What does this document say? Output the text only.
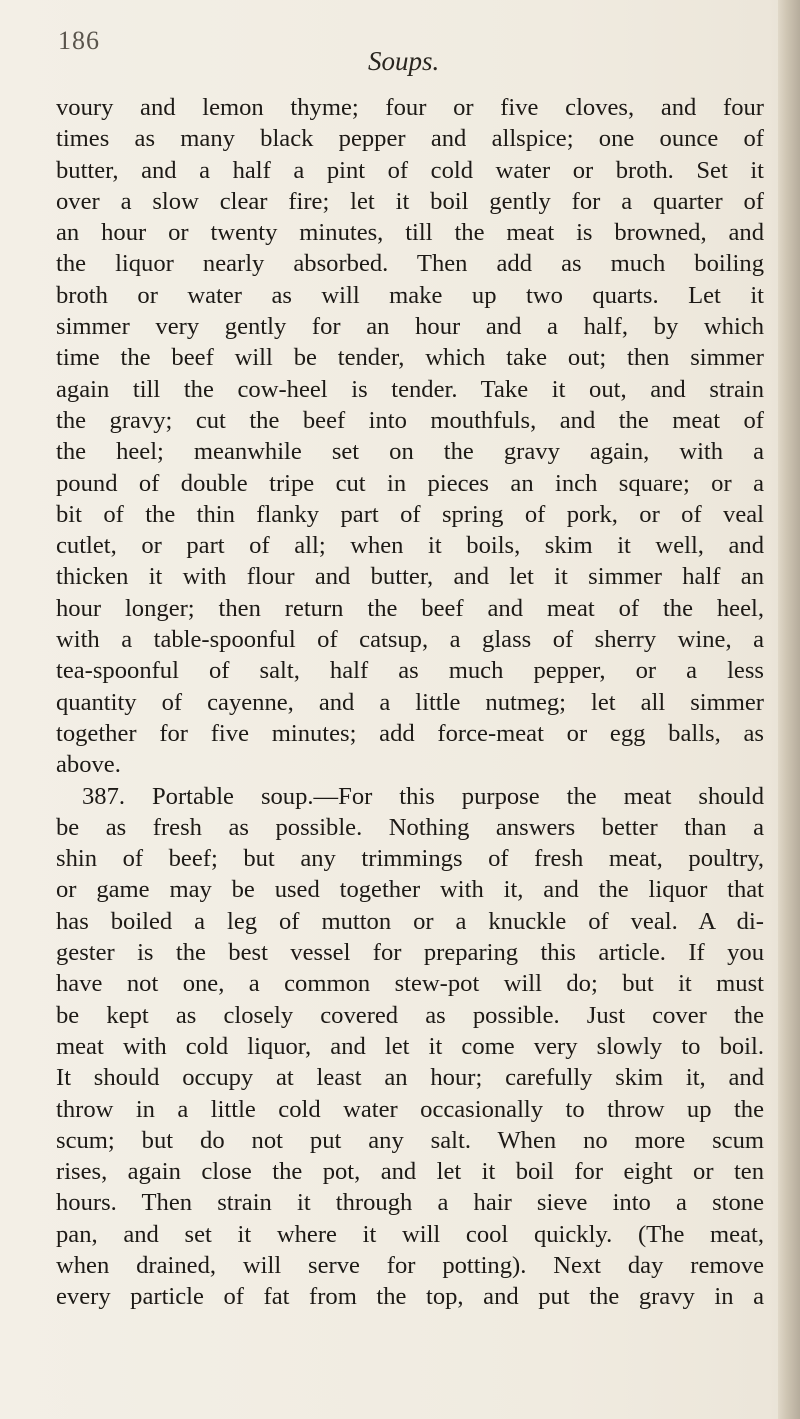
186
Soups.
voury and lemon thyme; four or five cloves, and four
times as many black pepper and allspice; one ounce of
butter, and a half a pint of cold water or broth. Set it
over a slow clear fire; let it boil gently for a quarter of
an hour or twenty minutes, till the meat is browned, and
the liquor nearly absorbed. Then add as much boiling
broth or water as will make up two quarts. Let it
simmer very gently for an hour and a half, by which
time the beef will be tender, which take out; then simmer
again till the cow-heel is tender. Take it out, and strain
the gravy; cut the beef into mouthfuls, and the meat of
the heel; meanwhile set on the gravy again, with a
pound of double tripe cut in pieces an inch square; or a
bit of the thin flanky part of spring of pork, or of veal
cutlet, or part of all; when it boils, skim it well, and
thicken it with flour and butter, and let it simmer half an
hour longer; then return the beef and meat of the heel,
with a table-spoonful of catsup, a glass of sherry wine, a
tea-spoonful of salt, half as much pepper, or a less
quantity of cayenne, and a little nutmeg; let all simmer
together for five minutes; add force-meat or egg balls, as
above.
387. Portable soup.—For this purpose the meat should
be as fresh as possible. Nothing answers better than a
shin of beef; but any trimmings of fresh meat, poultry,
or game may be used together with it, and the liquor that
has boiled a leg of mutton or a knuckle of veal. A di-
gester is the best vessel for preparing this article. If you
have not one, a common stew-pot will do; but it must
be kept as closely covered as possible. Just cover the
meat with cold liquor, and let it come very slowly to boil.
It should occupy at least an hour; carefully skim it, and
throw in a little cold water occasionally to throw up the
scum; but do not put any salt. When no more scum
rises, again close the pot, and let it boil for eight or ten
hours. Then strain it through a hair sieve into a stone
pan, and set it where it will cool quickly. (The meat,
when drained, will serve for potting). Next day remove
every particle of fat from the top, and put the gravy in a
